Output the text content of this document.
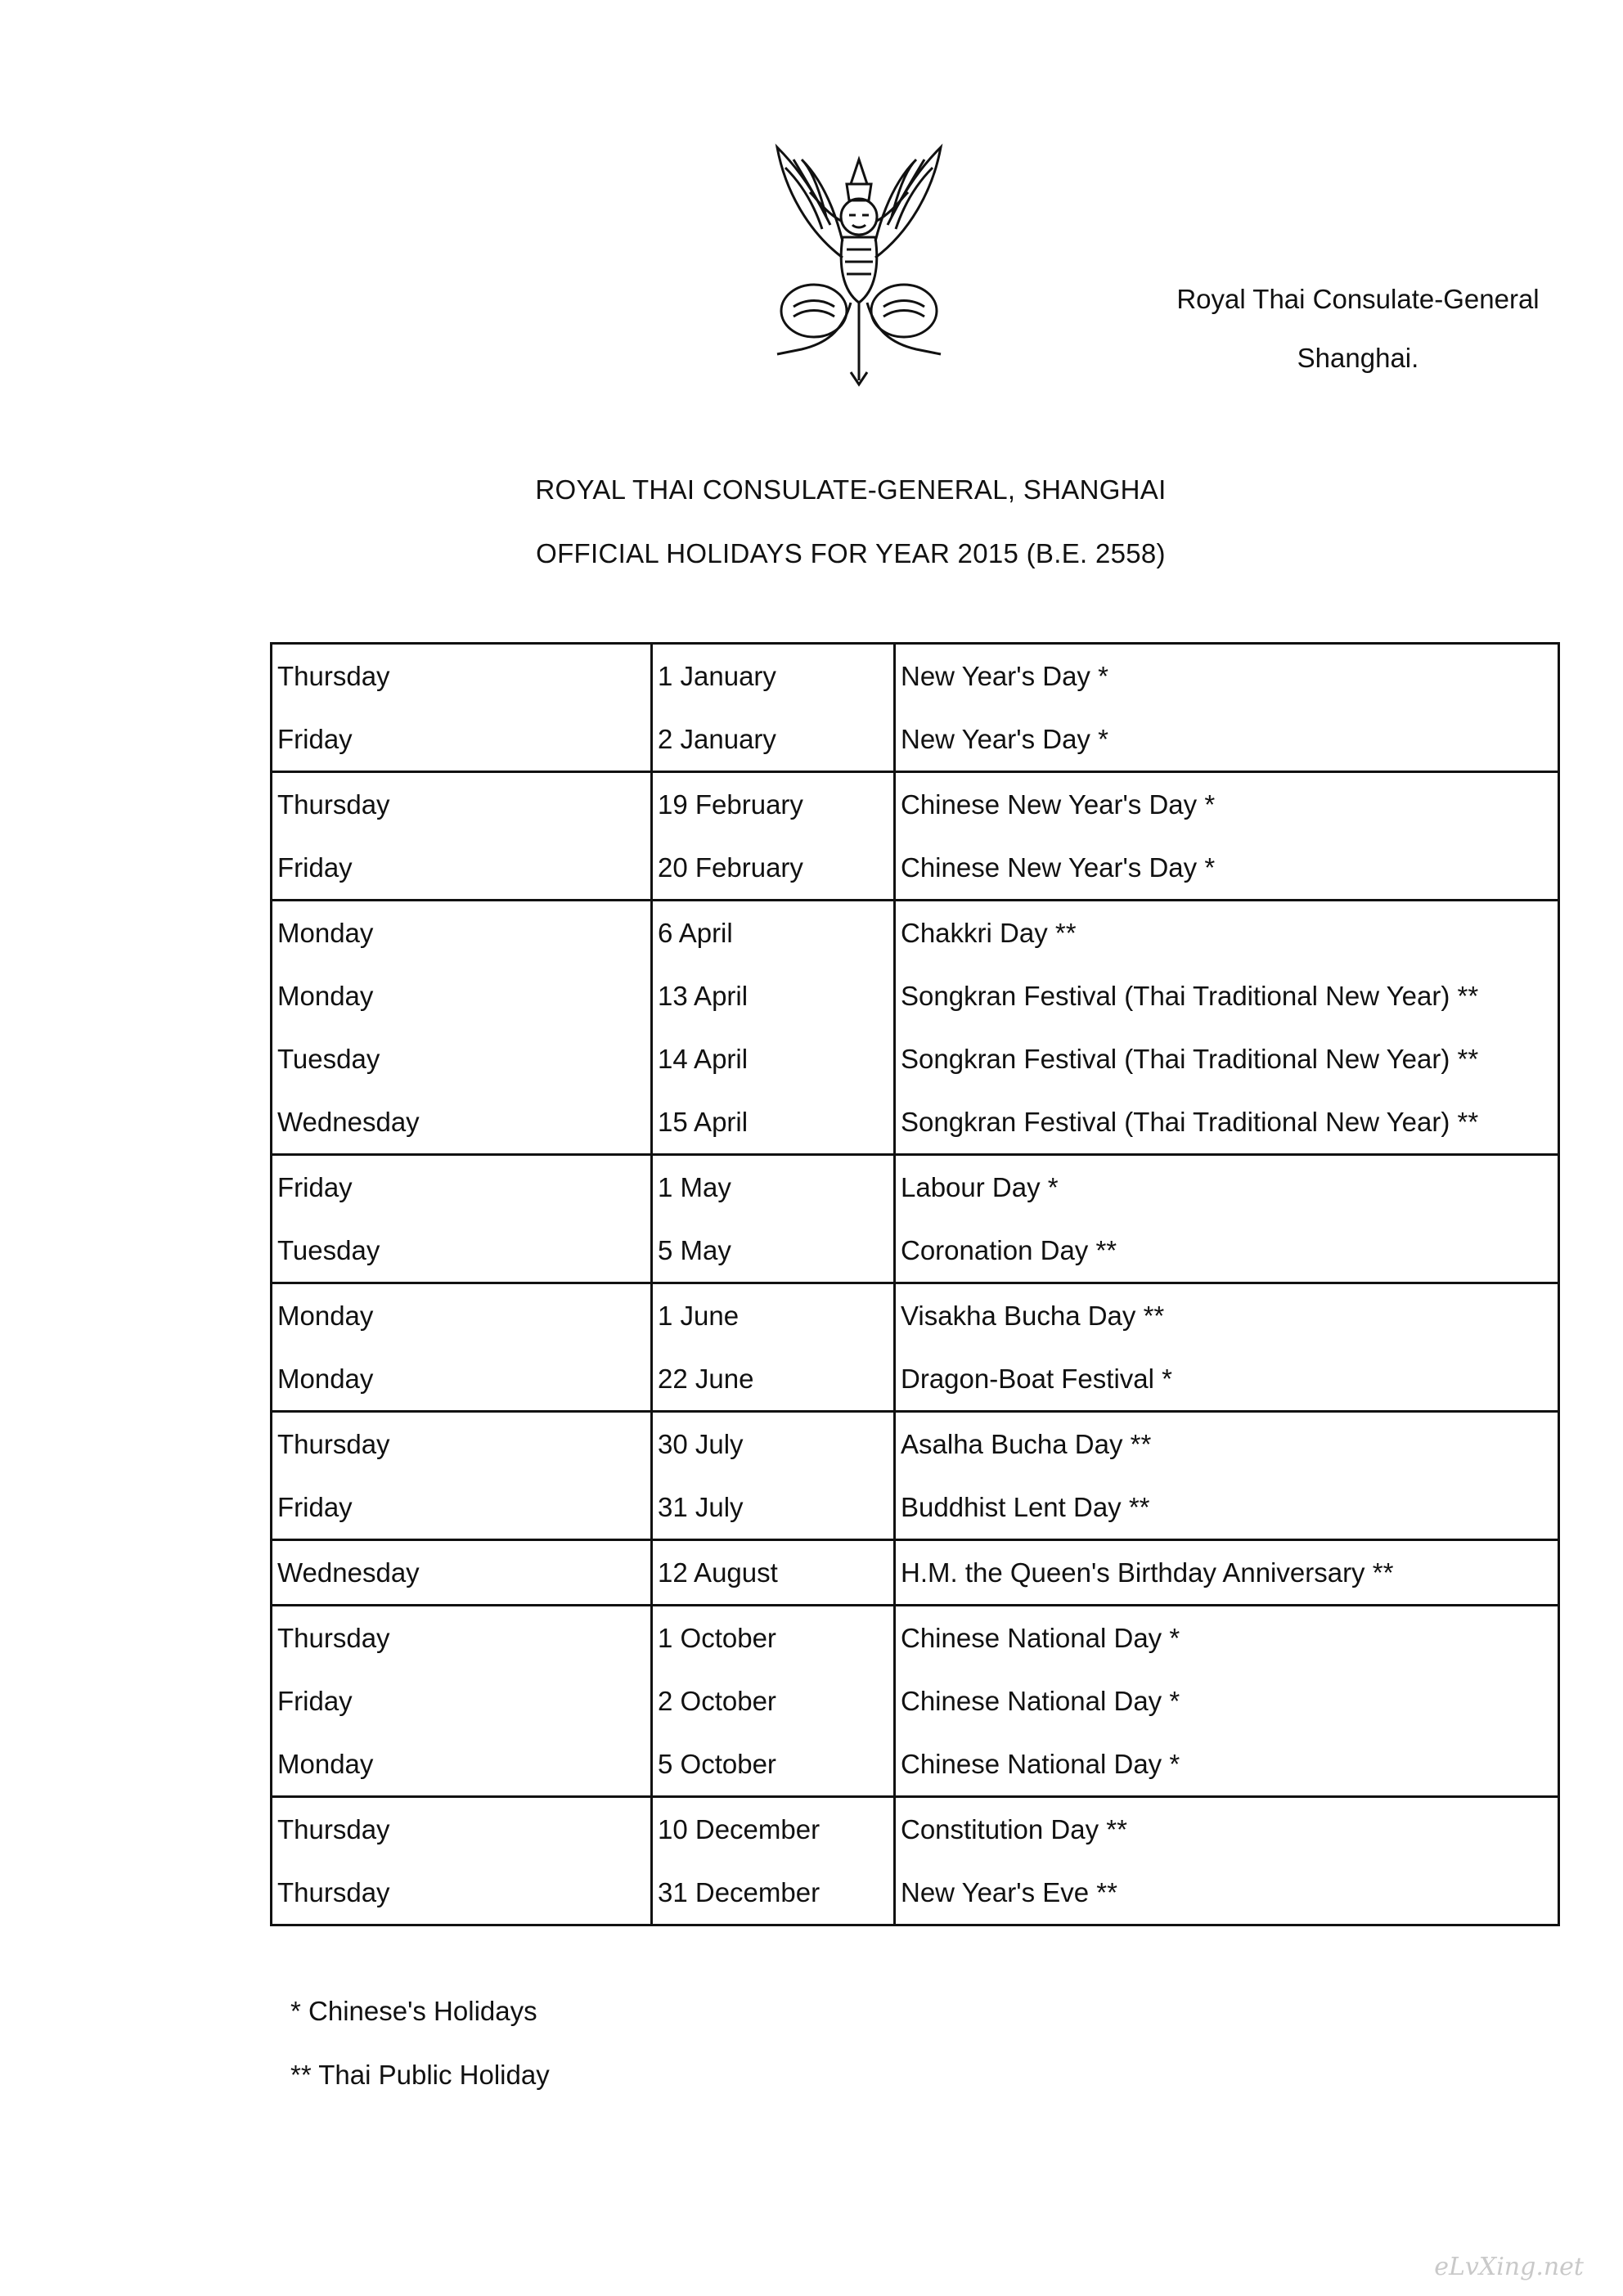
Royal Thai Consulate-General
Shanghai.
ROYAL THAI CONSULATE-GENERAL, SHANGHAI
OFFICIAL HOLIDAYS FOR YEAR 2015 (B.E. 2558)
Thursday	1 January	New Year's Day *
Friday	2 January	New Year's Day *
Thursday	19 February	Chinese New Year's Day *
Friday	20 February	Chinese New Year's Day *
Monday	6 April	Chakkri Day **
Monday	13 April	Songkran Festival (Thai Traditional New Year) **
Tuesday	14 April	Songkran Festival (Thai Traditional New Year) **
Wednesday	15 April	Songkran Festival (Thai Traditional New Year) **
Friday	1 May	Labour Day *
Tuesday	5 May	Coronation Day **
Monday	1 June	Visakha Bucha Day **
Monday	22 June	Dragon-Boat Festival *
Thursday	30 July	Asalha Bucha Day **
Friday	31 July	Buddhist Lent Day **
Wednesday	12 August	H.M. the Queen's Birthday Anniversary **
Thursday	1 October	Chinese National Day *
Friday	2 October	Chinese National Day *
Monday	5 October	Chinese National Day *
Thursday	10 December	Constitution Day **
Thursday	31 December	New Year's Eve **
* Chinese's Holidays
** Thai Public Holiday
eLvXing.net
